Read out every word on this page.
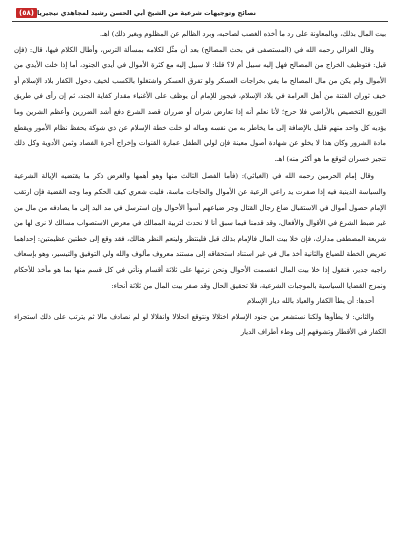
(٥٨) نصائح وتوجيهات شرعية من الشيخ أبي الحسن رشيد لمجاهدي نيجيريا

بيت المال بذلك، وبالمعاونة على رد ما أخذه الغصب لصاحبه، وبرد الظالم عن المظلوم وبغير ذلك) اهـ.

وقال الغزالي رحمه الله في (المستصفى في بحث المصالح) بعد أن مثّل لكلامه بمسألة الترس، وأطال الكلام فيها، قال: (فإن قيل: فتوظيف الخراج من المصالح فهل إليه سبيل أم لا؟ قلنا: لا سبيل إليه مع كثرة الأموال في أيدي الجنود، أما إذا خلت الأيدي من الأموال ولم يكن من مال المصالح ما يفي بخراجات العسكر ولو تفرق العسكر واشتغلوا بالكسب لخيف دخول الكفار بلاد الإسلام أو خيف ثوران الفتنة من أهل العرامة في بلاد الإسلام، فيجوز للإمام أن يوظف على الأغنياء مقدار كفاية الجند، ثم إن رأى في طريق التوزيع التخصيص بالأراضي فلا حرج؛ لأنا نعلم أنه إذا تعارض شران أو ضرران قصد الشرع دفع أشد الضررين وأعظم الشرين وما يؤديه كل واحد منهم قليل بالإضافة إلى ما يخاطر به من نفسه وماله لو خلت خطة الإسلام عن ذي شوكة يحفظ نظام الأمور ويقطع مادة الشرور وكان هذا لا يخلو عن شهادة أصول معينة فإن لولي الطفل عمارة القنوات وإخراج أجرة الفصاد وثمن الأدوية وكل ذلك تنجيز خسران لتوقع ما هو أكثر منه) اهـ.

وقال إمام الحرمين رحمه الله في (الغياثي): (فأما الفصل الثالث منها وهو أهمها والغرض ذكر ما يقتضيه الإيالة الشرعية والسياسة الدينية فيه إذا صفرت يد راعي الرعية عن الأموال والحاجات ماسة، فليت شعري كيف الحكم وما وجه القضية فإن ارتقب الإمام حصول أموال في الاستقبال ضاع رجال القتال وجر ضياعهم أسوأ الأحوال وإن استرسل في مد اليد إلى ما يصادفه من مال من غير ضبط الشرع في الأقوال والأفعال، وقد قدمنا فيما سبق أنا لا نحدث لتربية الممالك في معرض الاستصواب مسالك لا نرى لها من شريعة المصطفى مدارك، فإن خلا بيت المال فالإمام بذلك قبل فلينتظر ولينعم النظر هنالك، فقد وقع إلى خطتين عظيمتين: إحداهما تعريض الخطة للضياع والثانية أخذ مال في غير استناد استحقاقه إلى مستند معروف مألوف والله ولي التوفيق والتيسير، وهو بإسعاف راجيه جدير، فنقول إذا خلا بيت المال انقسمت الأحوال ونحن نرتبها على ثلاثة أقسام ونأتي في كل قسم منها بما هو مأخذ للأحكام ونمزج القضايا السياسية بالموجبات الشرعية، فلا تحقيق الحال وقد صفر بيت المال من ثلاثة أنحاء:

أحدها: أن يطأ الكفار والعياذ بالله ديار الإسلام

والثاني: لا يطأوها ولكنا نستشعر من جنود الإسلام اختلالا ونتوقع انحلالا وانفلالا لو لم نصادف مالا ثم يترتب على ذلك استجراء الكفار في الأقطار وتشوفهم إلى وطء أطراف الديار
